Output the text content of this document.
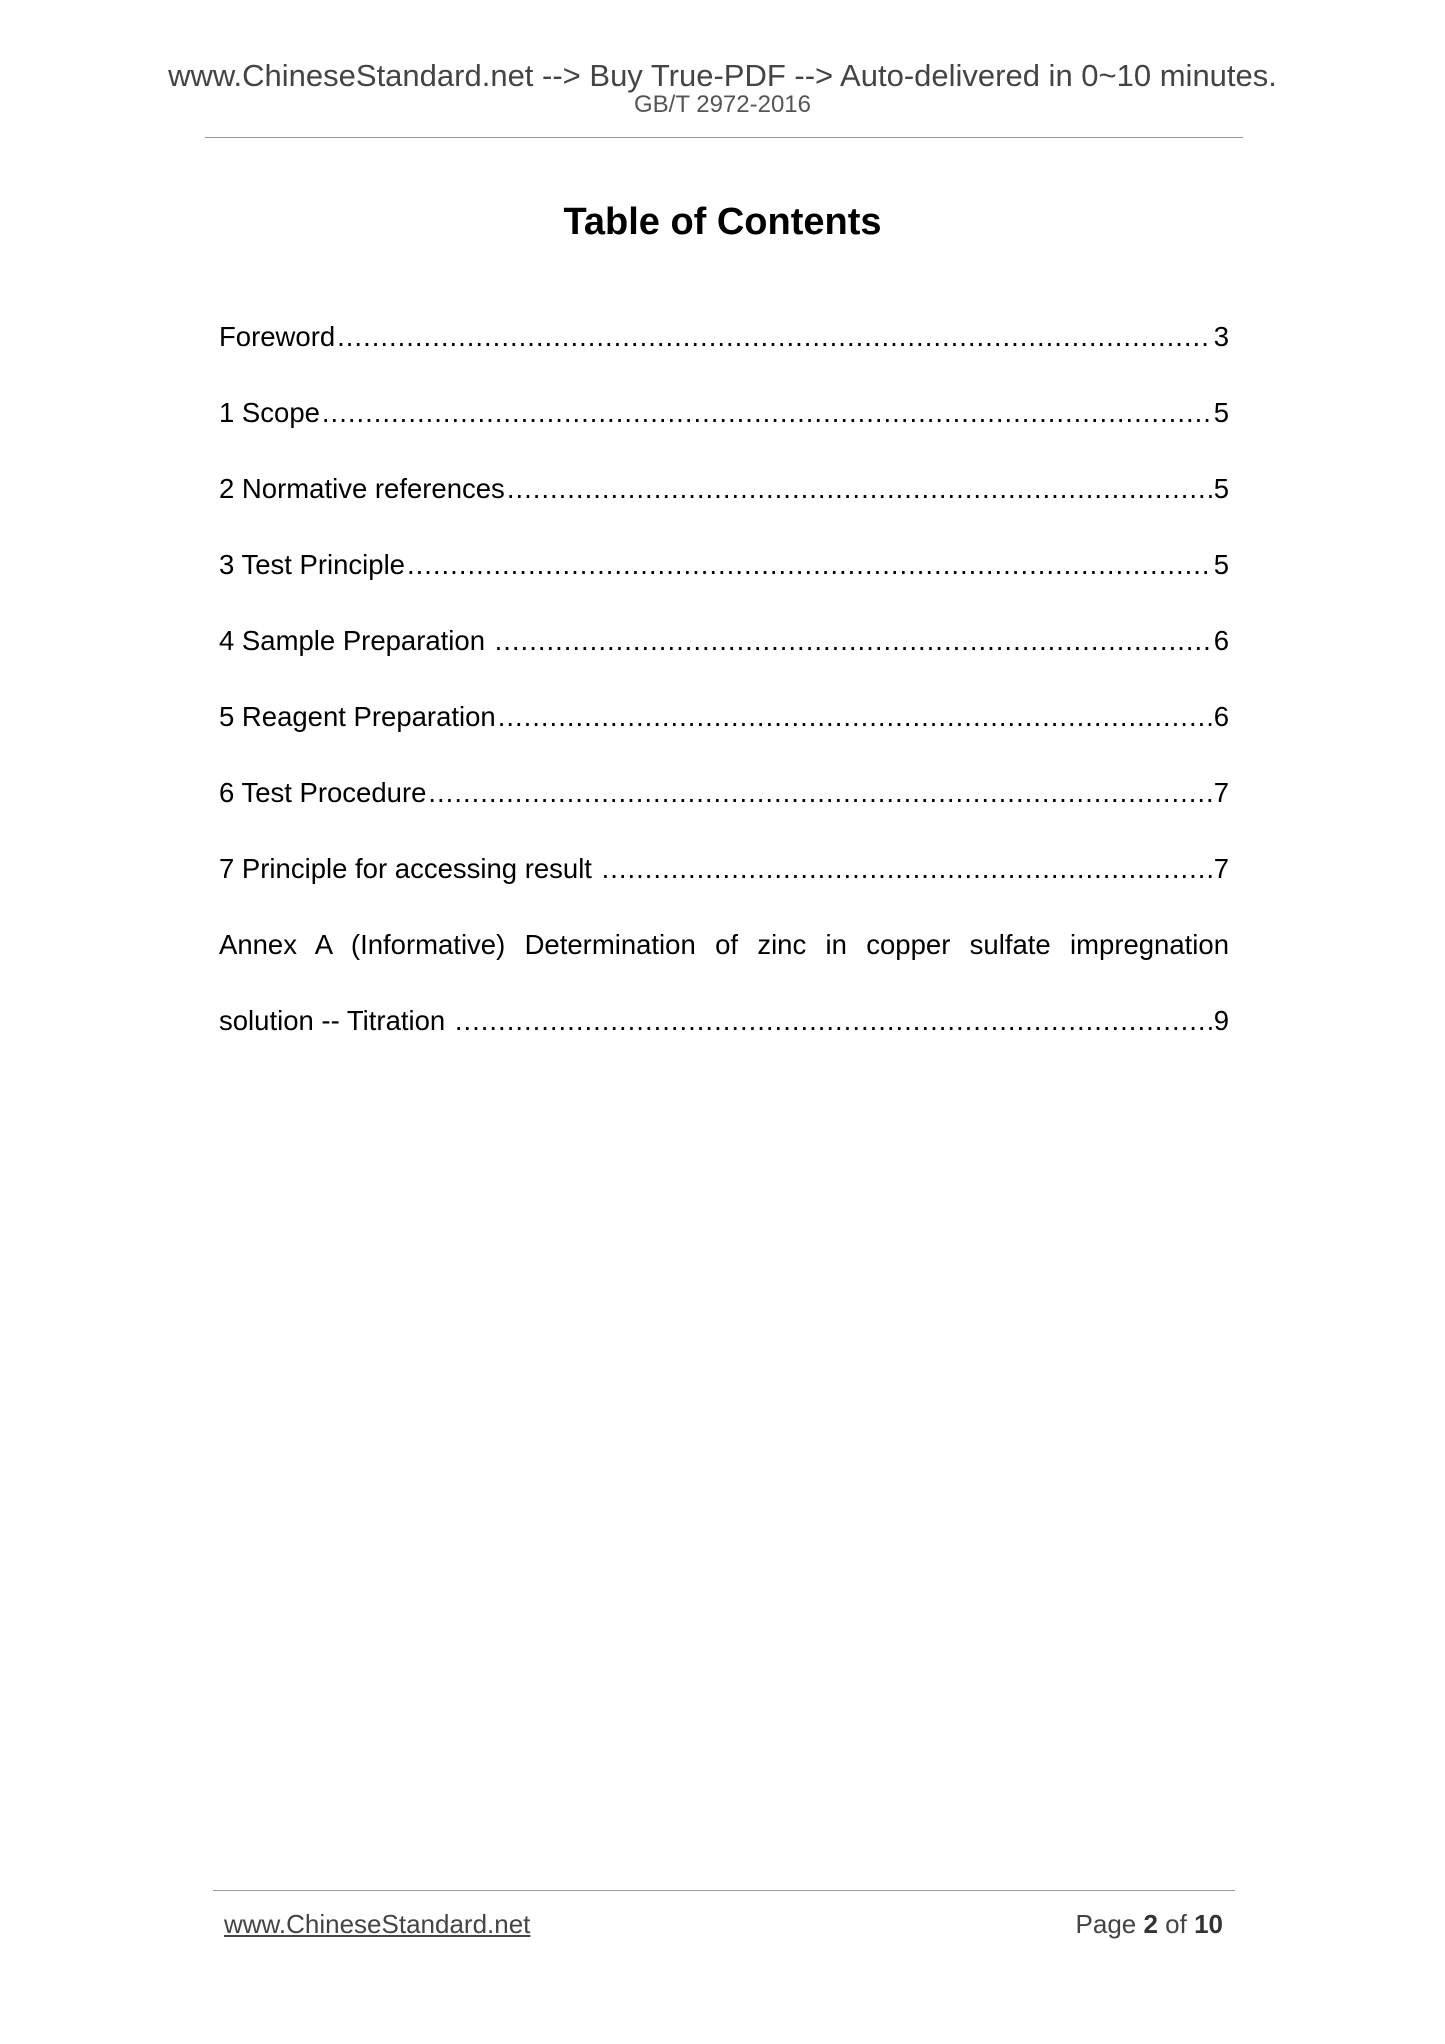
www.ChineseStandard.net --> Buy True-PDF --> Auto-delivered in 0~10 minutes.
GB/T 2972-2016
Table of Contents
Foreword .....	3
1 Scope .....	5
2 Normative references .....	5
3 Test Principle .....	5
4 Sample Preparation .....	6
5 Reagent Preparation .....	6
6 Test Procedure .....	7
7 Principle for accessing result .....	7
Annex A (Informative) Determination of zinc in copper sulfate impregnation
solution -- Titration .....	9
www.ChineseStandard.net	Page 2 of 10
